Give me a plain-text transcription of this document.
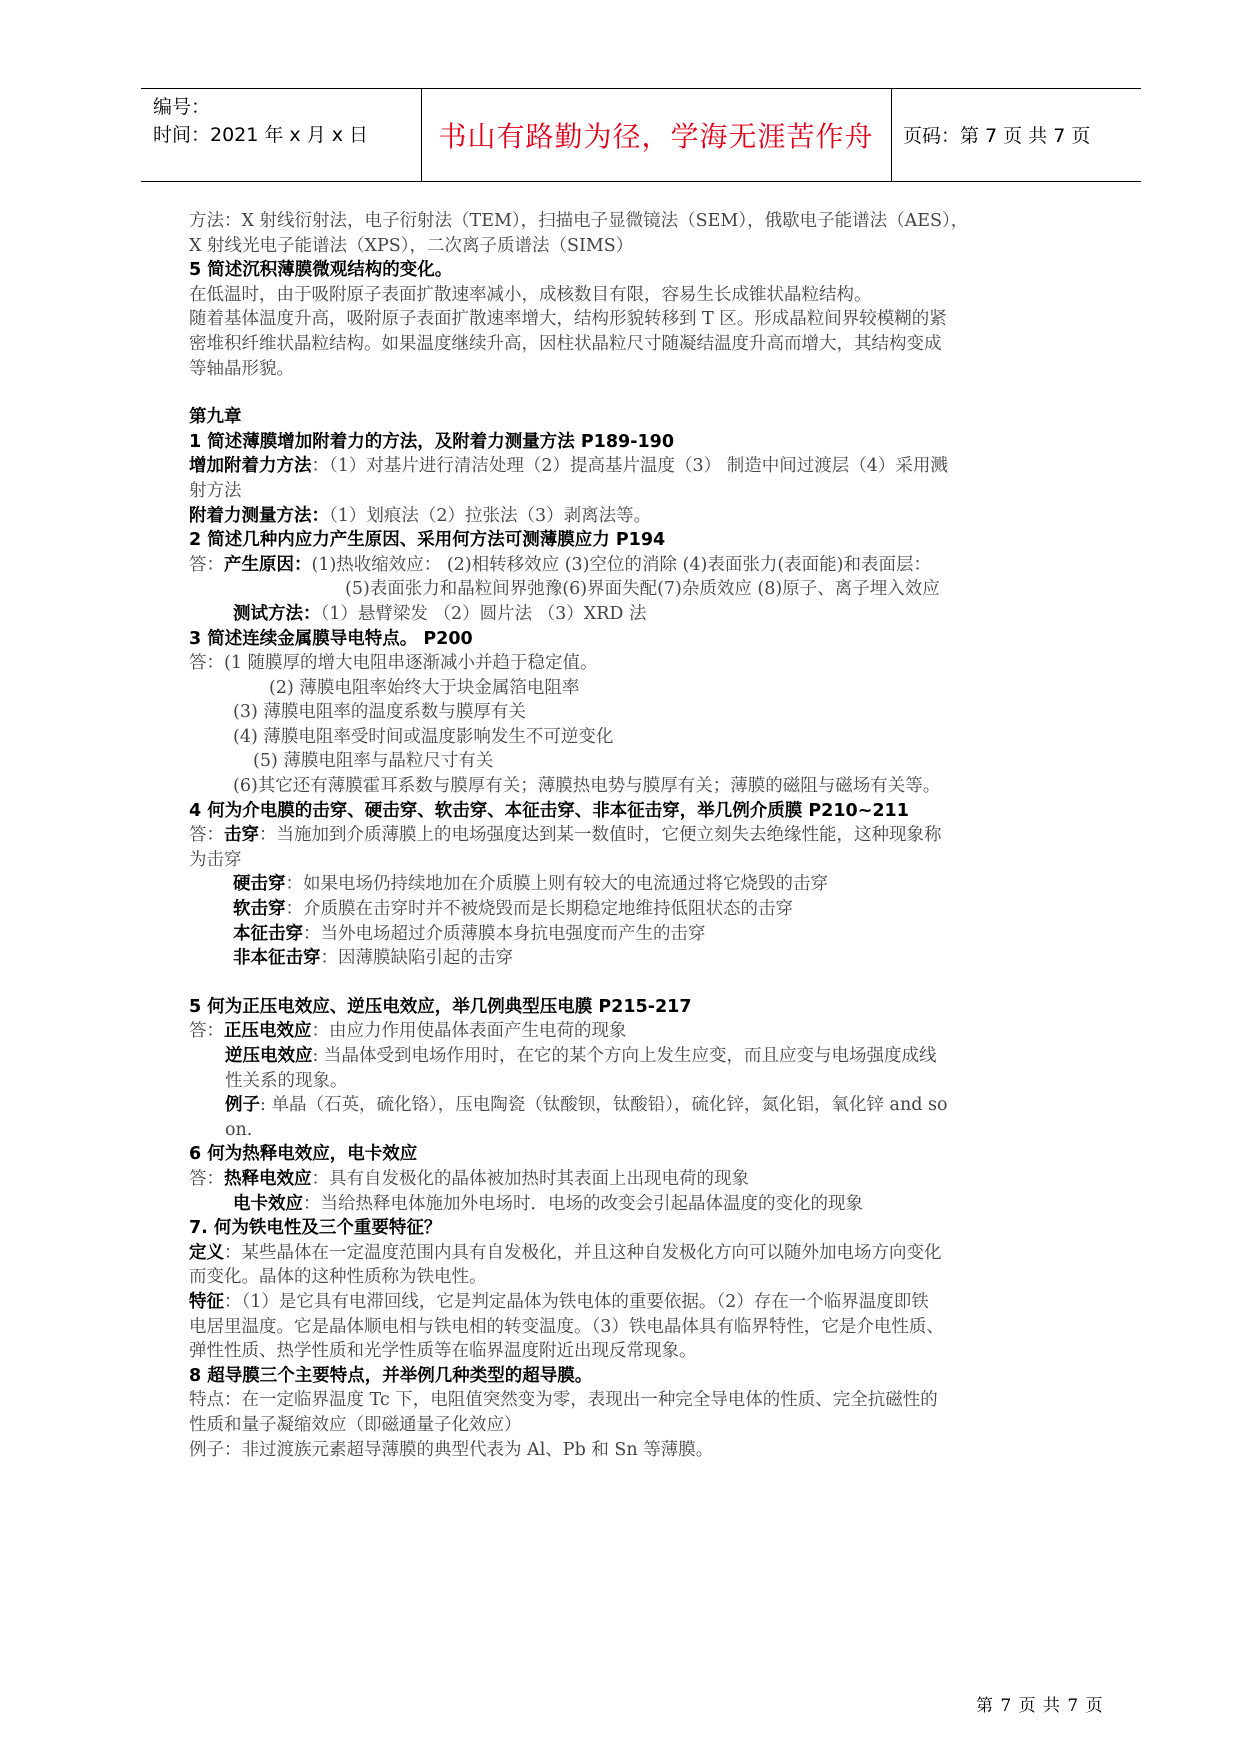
编号：
时间：2021 年 x 月 x 日	书山有路勤为径，学海无涯苦作舟	页码：第 7 页 共 7 页

方法：X 射线衍射法，电子衍射法（TEM），扫描电子显微镜法（SEM），俄歇电子能谱法（AES），

X 射线光电子能谱法（XPS），二次离子质谱法（SIMS）

5 简述沉积薄膜微观结构的变化。

在低温时，由于吸附原子表面扩散速率减小，成核数目有限，容易生长成锥状晶粒结构。

随着基体温度升高，吸附原子表面扩散速率增大，结构形貌转移到 T 区。形成晶粒间界较模糊的紧

密堆积纤维状晶粒结构。如果温度继续升高，因柱状晶粒尺寸随凝结温度升高而增大，其结构变成

等轴晶形貌。

第九章

1 简述薄膜增加附着力的方法，及附着力测量方法 P189-190

增加附着力方法：（1）对基片进行清洁处理（2）提高基片温度（3） 制造中间过渡层（4）采用溅

射方法

附着力测量方法：（1）划痕法（2）拉张法（3）剥离法等。

2 简述几种内应力产生原因、采用何方法可测薄膜应力 P194

答：产生原因：(1)热收缩效应： (2)相转移效应 (3)空位的消除 (4)表面张力(表面能)和表面层：

(5)表面张力和晶粒间界弛豫(6)界面失配(7)杂质效应 (8)原子、离子埋入效应

测试方法：（1）悬臂梁发 （2）圆片法 （3）XRD 法

3 简述连续金属膜导电特点。 P200

答：(1 随膜厚的增大电阻串逐渐减小并趋于稳定值。

(2) 薄膜电阻率始终大于块金属箔电阻率

(3) 薄膜电阻率的温度系数与膜厚有关

(4) 薄膜电阻率受时间或温度影响发生不可逆变化

(5) 薄膜电阻率与晶粒尺寸有关

(6)其它还有薄膜霍耳系数与膜厚有关；薄膜热电势与膜厚有关；薄膜的磁阻与磁场有关等。

4 何为介电膜的击穿、硬击穿、软击穿、本征击穿、非本征击穿，举几例介质膜 P210~211

答：击穿：当施加到介质薄膜上的电场强度达到某一数值时，它便立刻失去绝缘性能，这种现象称

为击穿

硬击穿：如果电场仍持续地加在介质膜上则有较大的电流通过将它烧毁的击穿

软击穿：介质膜在击穿时并不被烧毁而是长期稳定地维持低阻状态的击穿

本征击穿：当外电场超过介质薄膜本身抗电强度而产生的击穿

非本征击穿：因薄膜缺陷引起的击穿

5 何为正压电效应、逆压电效应，举几例典型压电膜 P215-217

答：正压电效应：由应力作用使晶体表面产生电荷的现象

逆压电效应: 当晶体受到电场作用时，在它的某个方向上发生应变，而且应变与电场强度成线

性关系的现象。

例子: 单晶（石英，硫化铬），压电陶瓷（钛酸钡，钛酸铅），硫化锌，氮化铝，氧化锌 and so

on.

6 何为热释电效应，电卡效应

答：热释电效应：具有自发极化的晶体被加热时其表面上出现电荷的现象

电卡效应：当给热释电体施加外电场时．电场的改变会引起晶体温度的变化的现象

7. 何为铁电性及三个重要特征？

定义：某些晶体在一定温度范围内具有自发极化，并且这种自发极化方向可以随外加电场方向变化

而变化。晶体的这种性质称为铁电性。

特征：（1）是它具有电滞回线，它是判定晶体为铁电体的重要依据。（2）存在一个临界温度即铁

电居里温度。它是晶体顺电相与铁电相的转变温度。（3）铁电晶体具有临界特性，它是介电性质、

弹性性质、热学性质和光学性质等在临界温度附近出现反常现象。

8 超导膜三个主要特点，并举例几种类型的超导膜。

特点：在一定临界温度 Tc 下，电阻值突然变为零，表现出一种完全导电体的性质、完全抗磁性的

性质和量子凝缩效应（即磁通量子化效应）

例子：非过渡族元素超导薄膜的典型代表为 Al、Pb 和 Sn 等薄膜。

第 7 页 共 7 页
